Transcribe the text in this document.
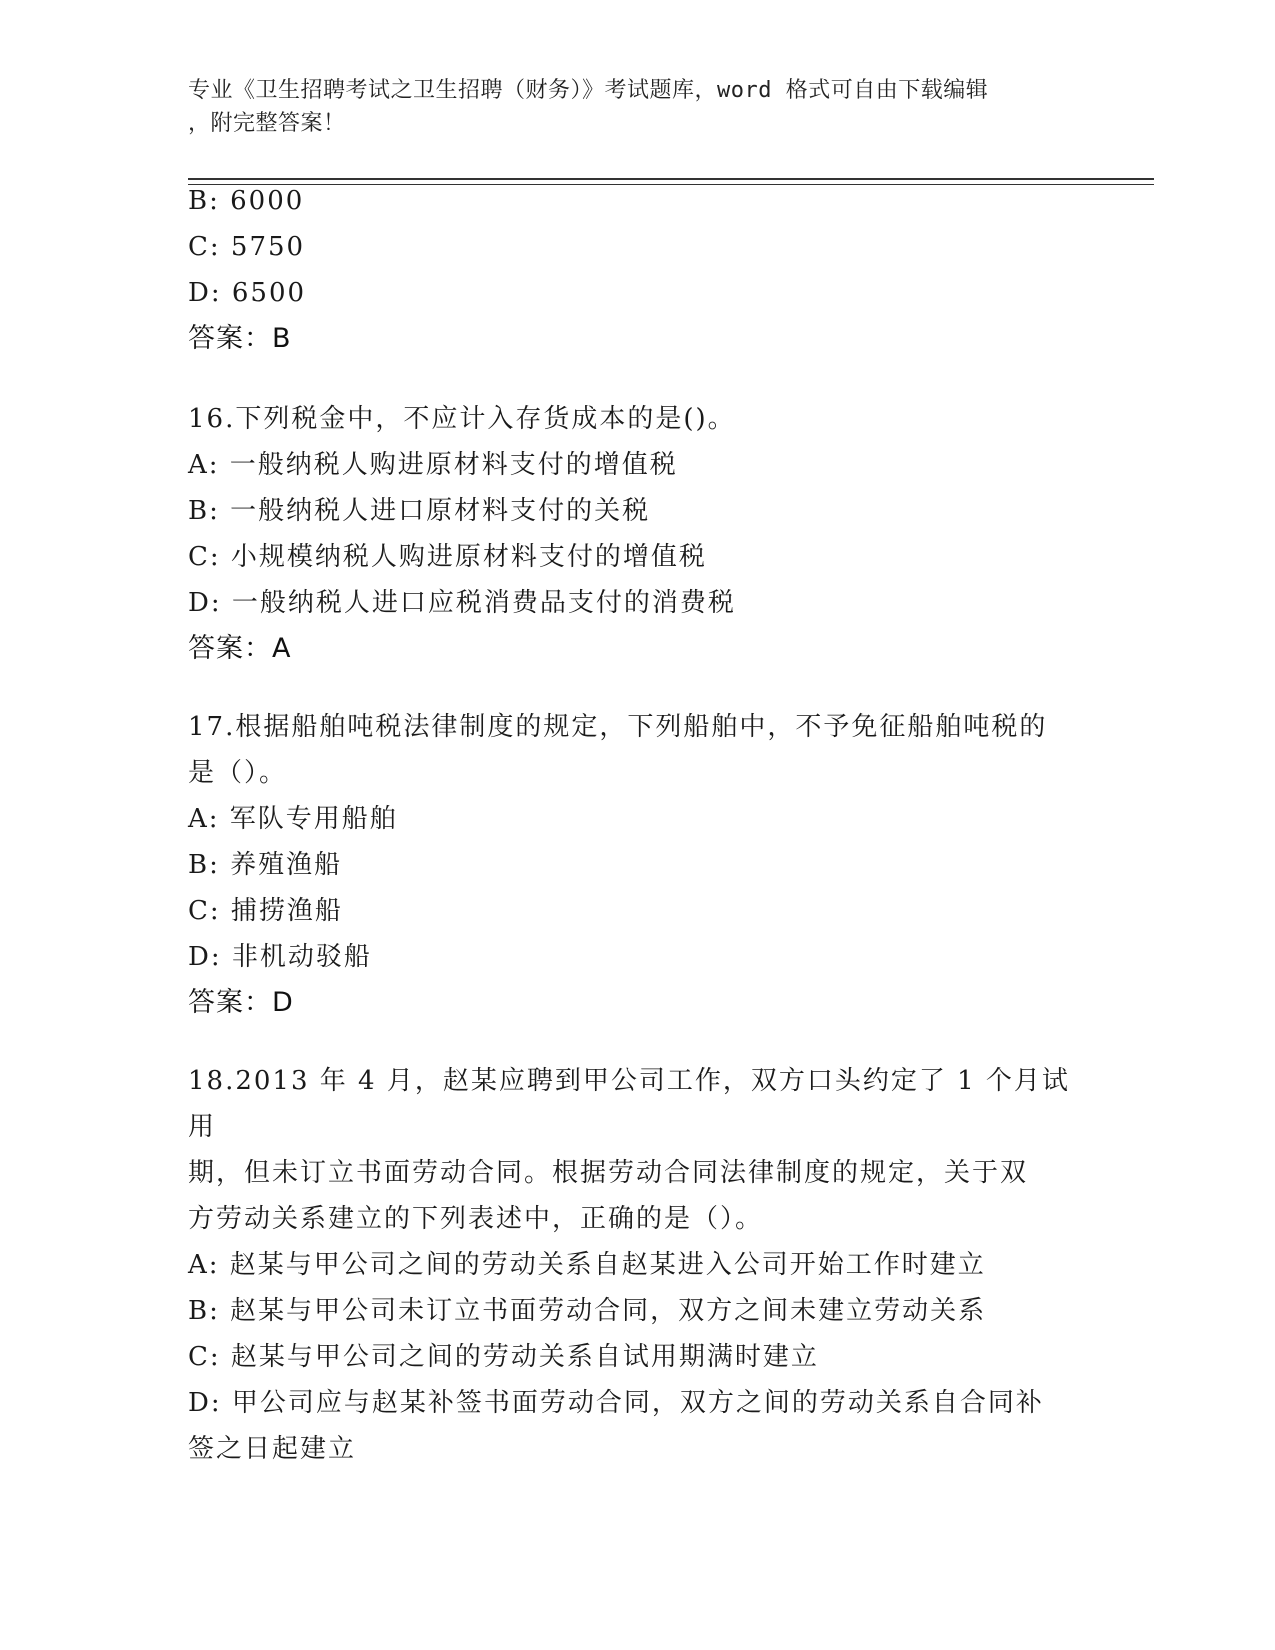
专业《卫生招聘考试之卫生招聘（财务）》考试题库，word 格式可自由下载编辑
，附完整答案！
B: 6000
C: 5750
D: 6500
答案：B
16.下列税金中，不应计入存货成本的是()。
A: 一般纳税人购进原材料支付的增值税
B: 一般纳税人进口原材料支付的关税
C: 小规模纳税人购进原材料支付的增值税
D: 一般纳税人进口应税消费品支付的消费税
答案：A
17.根据船舶吨税法律制度的规定，下列船舶中，不予免征船舶吨税的
是（）。
A: 军队专用船舶
B: 养殖渔船
C: 捕捞渔船
D: 非机动驳船
答案：D
18.2013 年 4 月，赵某应聘到甲公司工作，双方口头约定了 1 个月试用
期，但未订立书面劳动合同。根据劳动合同法律制度的规定，关于双
方劳动关系建立的下列表述中，正确的是（）。
A: 赵某与甲公司之间的劳动关系自赵某进入公司开始工作时建立
B: 赵某与甲公司未订立书面劳动合同，双方之间未建立劳动关系
C: 赵某与甲公司之间的劳动关系自试用期满时建立
D: 甲公司应与赵某补签书面劳动合同，双方之间的劳动关系自合同补
签之日起建立
